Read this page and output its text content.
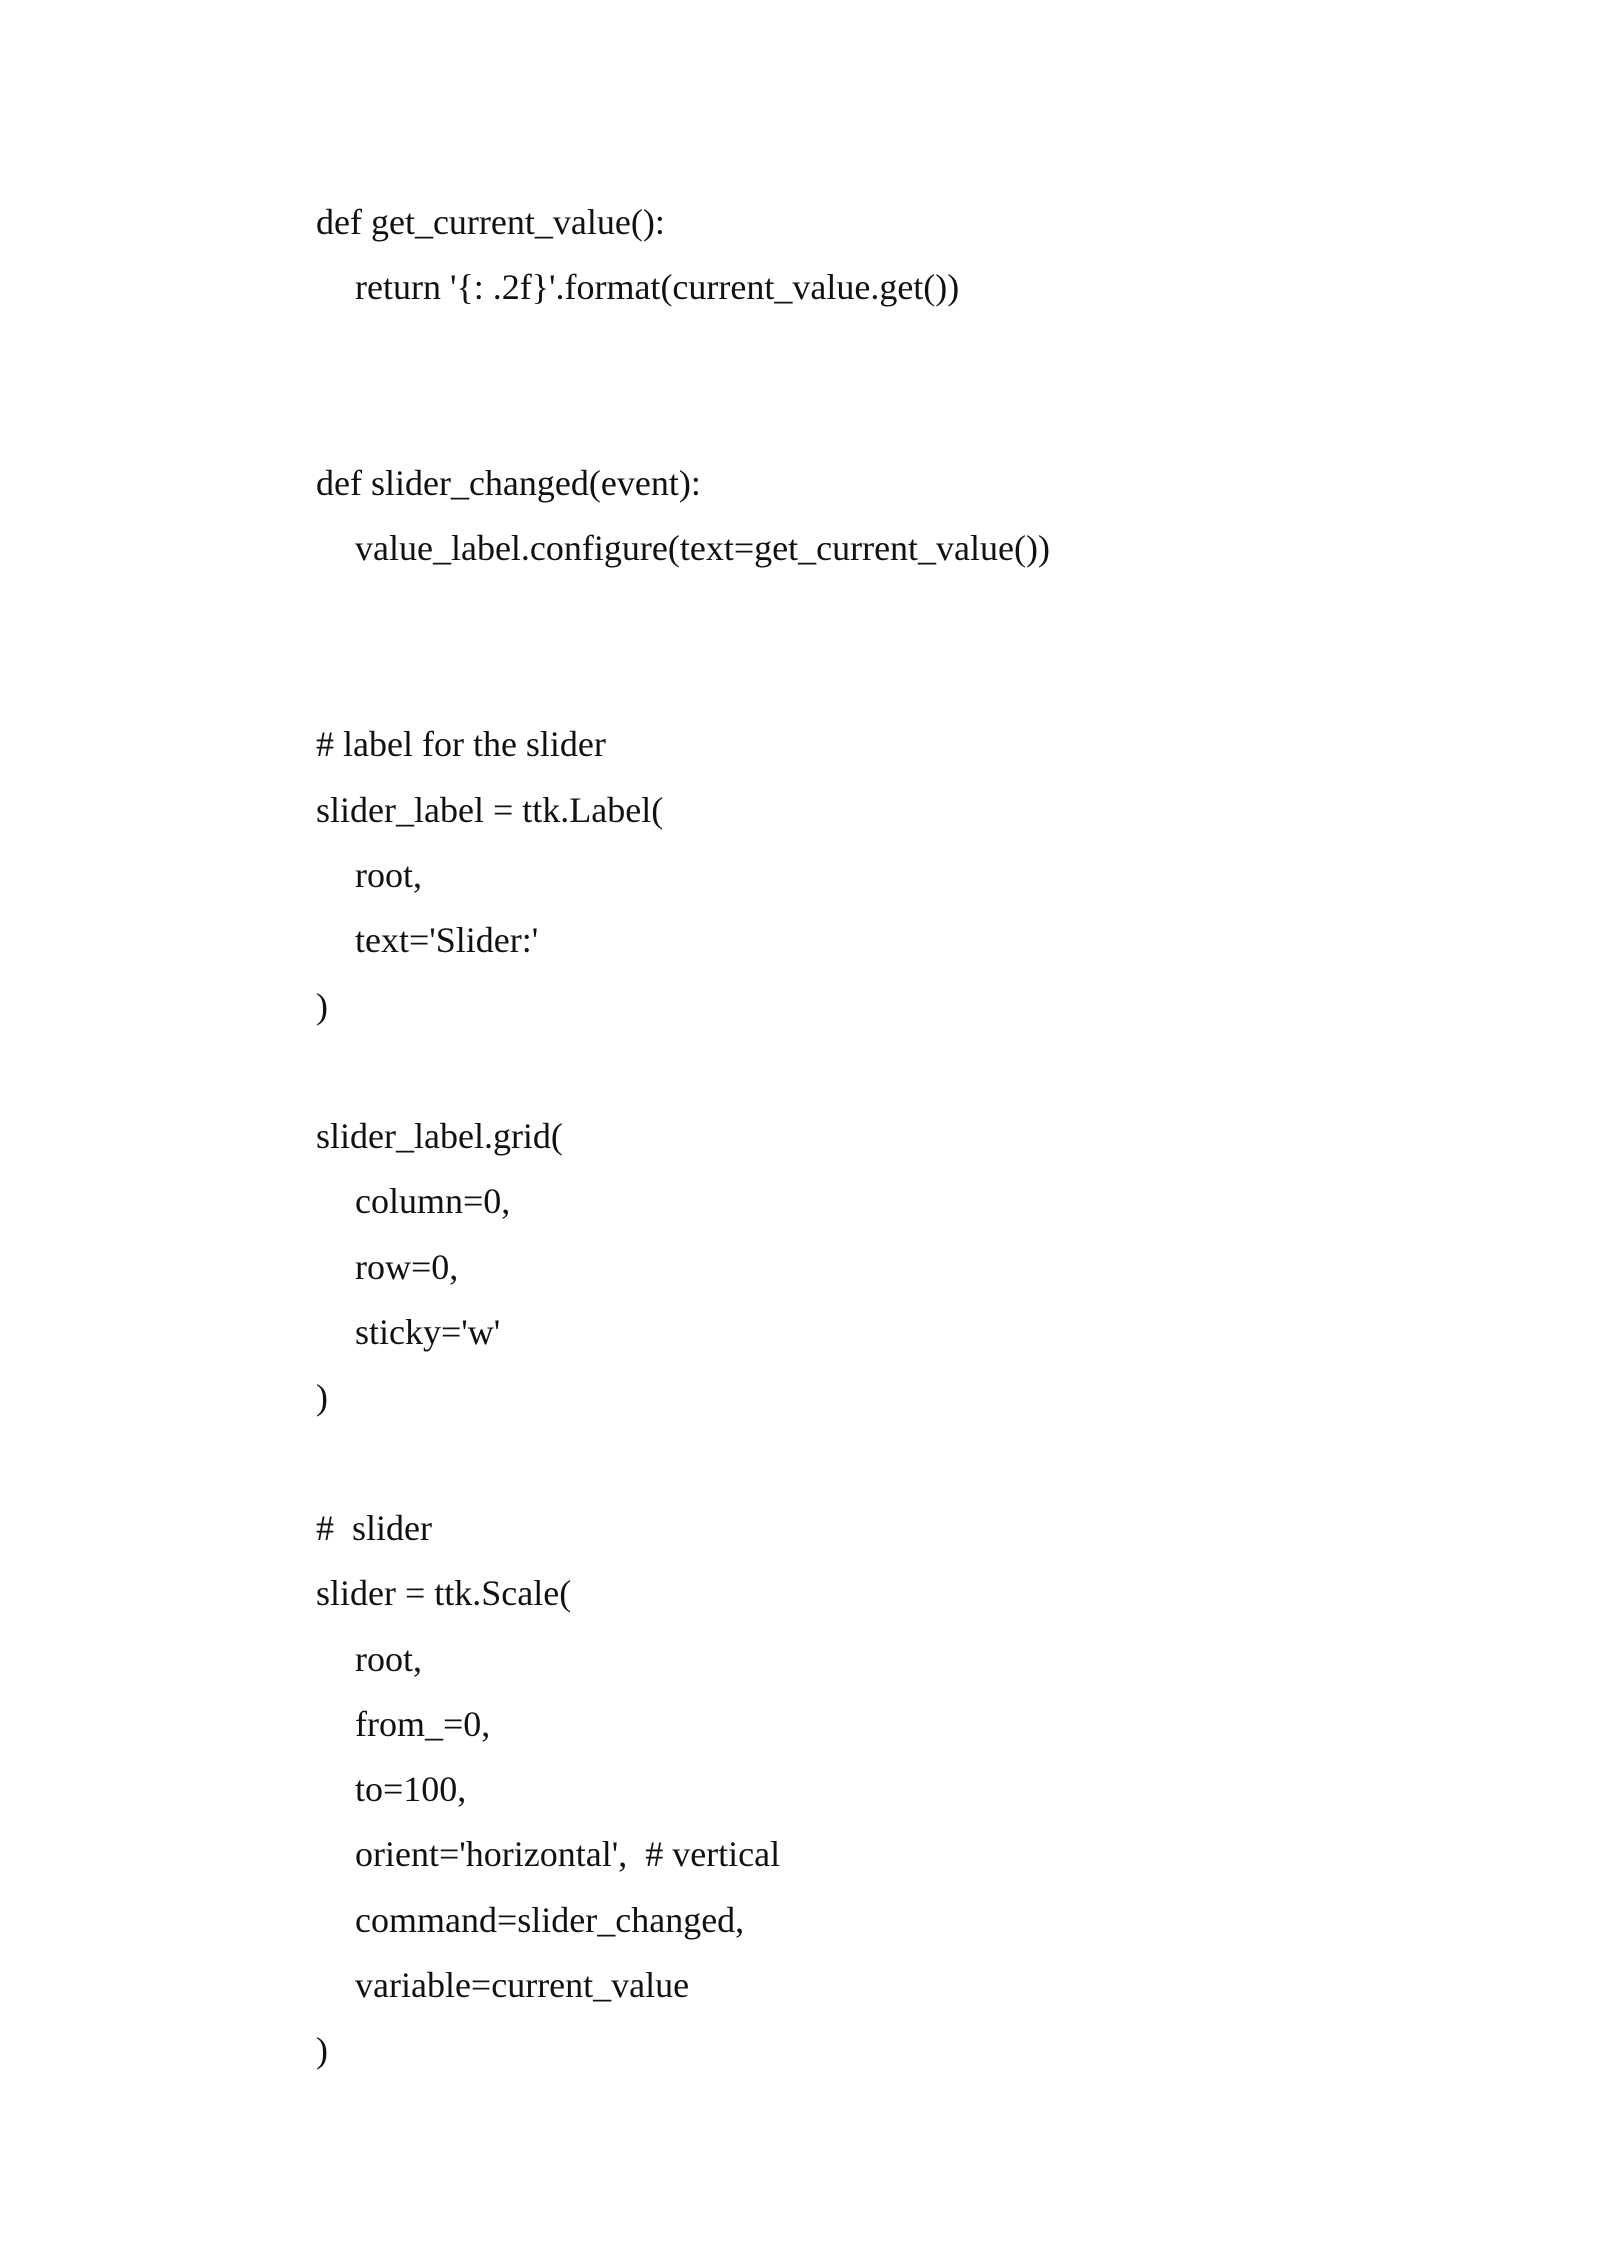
def get_current_value():
return '{: .2f}'.format(current_value.get())
def slider_changed(event):
value_label.configure(text=get_current_value())
# label for the slider
slider_label = ttk.Label(
root,
text='Slider:'
)
slider_label.grid(
column=0,
row=0,
sticky='w'
)
#  slider
slider = ttk.Scale(
root,
from_=0,
to=100,
orient='horizontal',  # vertical
command=slider_changed,
variable=current_value
)
